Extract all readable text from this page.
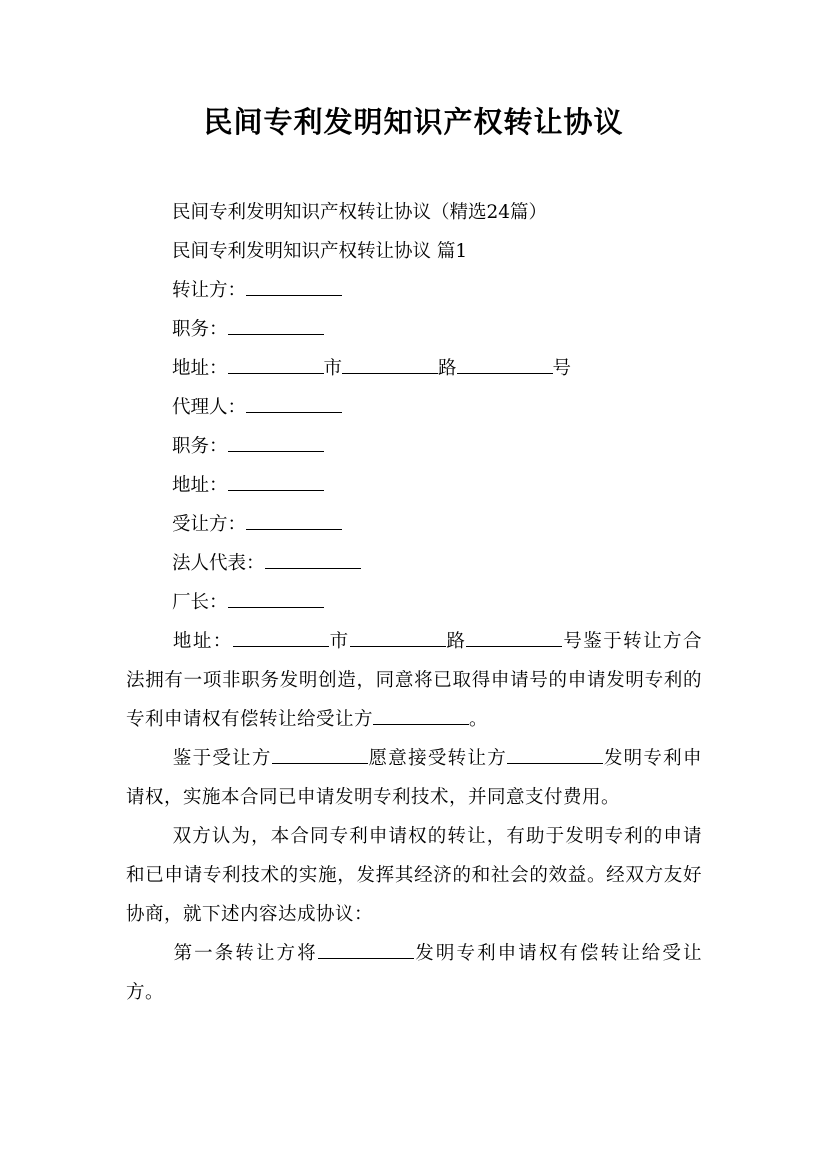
民间专利发明知识产权转让协议
民间专利发明知识产权转让协议（精选24篇）
民间专利发明知识产权转让协议 篇1
转让方：
职务：
地址：	市	路	号
代理人：
职务：
地址：
受让方：
法人代表：
厂长：
地址：	市	路	号鉴于转让方合法拥有一项非职务发明创造，同意将已取得申请号的申请发明专利的专利申请权有偿转让给受让方	。
鉴于受让方	愿意接受转让方	发明专利申请权，实施本合同已申请发明专利技术，并同意支付费用。
双方认为，本合同专利申请权的转让，有助于发明专利的申请和已申请专利技术的实施，发挥其经济的和社会的效益。经双方友好协商，就下述内容达成协议：
第一条转让方将	发明专利申请权有偿转让给受让方。
